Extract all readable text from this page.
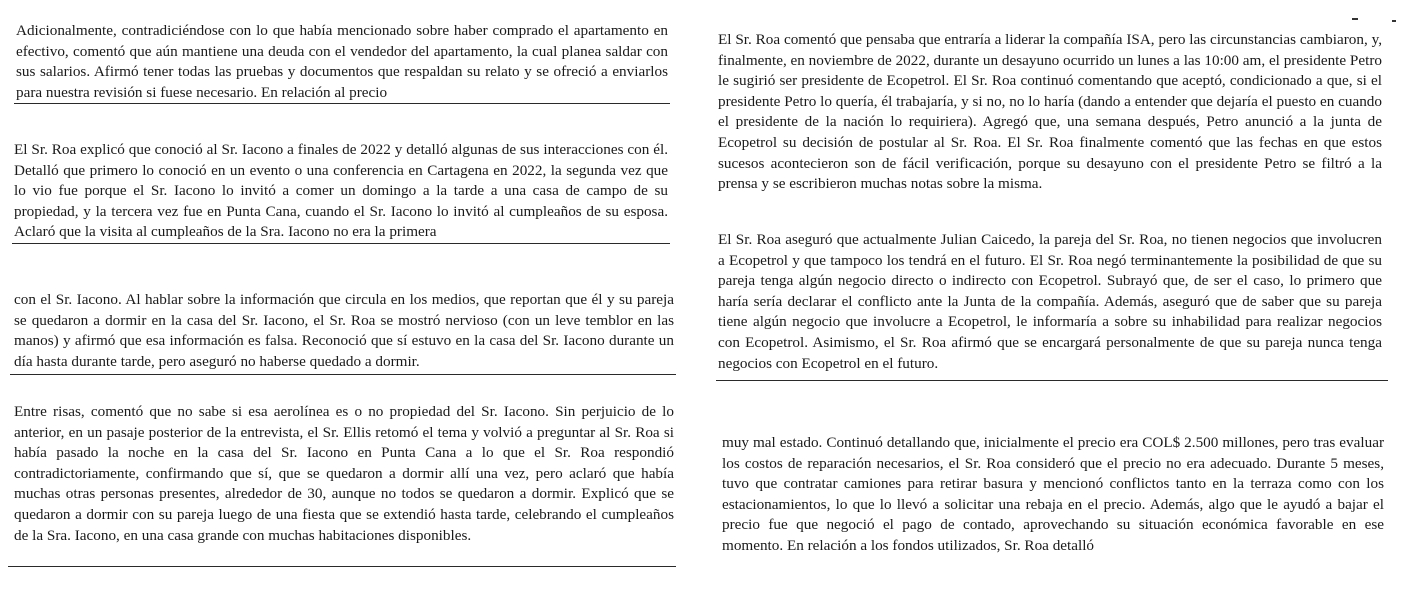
Adicionalmente, contradiciéndose con lo que había mencionado sobre haber comprado el apartamento en efectivo, comentó que aún mantiene una deuda con el vendedor del apartamento, la cual planea saldar con sus salarios. Afirmó tener todas las pruebas y documentos que respaldan su relato y se ofreció a enviarlos para nuestra revisión si fuese necesario. En relación al precio

El Sr. Roa explicó que conoció al Sr. Iacono a finales de 2022 y detalló algunas de sus interacciones con él. Detalló que primero lo conoció en un evento o una conferencia en Cartagena en 2022, la segunda vez que lo vio fue porque el Sr. Iacono lo invitó a comer un domingo a la tarde a una casa de campo de su propiedad, y la tercera vez fue en Punta Cana, cuando el Sr. Iacono lo invitó al cumpleaños de su esposa. Aclaró que la visita al cumpleaños de la Sra. Iacono no era la primera

con el Sr. Iacono. Al hablar sobre la información que circula en los medios, que reportan que él y su pareja se quedaron a dormir en la casa del Sr. Iacono, el Sr. Roa se mostró nervioso (con un leve temblor en las manos) y afirmó que esa información es falsa. Reconoció que sí estuvo en la casa del Sr. Iacono durante un día hasta durante tarde, pero aseguró no haberse quedado a dormir.

Entre risas, comentó que no sabe si esa aerolínea es o no propiedad del Sr. Iacono. Sin perjuicio de lo anterior, en un pasaje posterior de la entrevista, el Sr. Ellis retomó el tema y volvió a preguntar al Sr. Roa si había pasado la noche en la casa del Sr. Iacono en Punta Cana a lo que el Sr. Roa respondió contradictoriamente, confirmando que sí, que se quedaron a dormir allí una vez, pero aclaró que había muchas otras personas presentes, alrededor de 30, aunque no todos se quedaron a dormir. Explicó que se quedaron a dormir con su pareja luego de una fiesta que se extendió hasta tarde, celebrando el cumpleaños de la Sra. Iacono, en una casa grande con muchas habitaciones disponibles.

El Sr. Roa comentó que pensaba que entraría a liderar la compañía ISA, pero las circunstancias cambiaron, y, finalmente, en noviembre de 2022, durante un desayuno ocurrido un lunes a las 10:00 am, el presidente Petro le sugirió ser presidente de Ecopetrol. El Sr. Roa continuó comentando que aceptó, condicionado a que, si el presidente Petro lo quería, él trabajaría, y si no, no lo haría (dando a entender que dejaría el puesto en cuando el presidente de la nación lo requiriera). Agregó que, una semana después, Petro anunció a la junta de Ecopetrol su decisión de postular al Sr. Roa. El Sr. Roa finalmente comentó que las fechas en que estos sucesos acontecieron son de fácil verificación, porque su desayuno con el presidente Petro se filtró a la prensa y se escribieron muchas notas sobre la misma.

El Sr. Roa aseguró que actualmente Julian Caicedo, la pareja del Sr. Roa, no tienen negocios que involucren a Ecopetrol y que tampoco los tendrá en el futuro. El Sr. Roa negó terminantemente la posibilidad de que su pareja tenga algún negocio directo o indirecto con Ecopetrol. Subrayó que, de ser el caso, lo primero que haría sería declarar el conflicto ante la Junta de la compañía. Además, aseguró que de saber que su pareja tiene algún negocio que involucre a Ecopetrol, le informaría a sobre su inhabilidad para realizar negocios con Ecopetrol. Asimismo, el Sr. Roa afirmó que se encargará personalmente de que su pareja nunca tenga negocios con Ecopetrol en el futuro.

muy mal estado. Continuó detallando que, inicialmente el precio era COL$ 2.500 millones, pero tras evaluar los costos de reparación necesarios, el Sr. Roa consideró que el precio no era adecuado. Durante 5 meses, tuvo que contratar camiones para retirar basura y mencionó conflictos tanto en la terraza como con los estacionamientos, lo que lo llevó a solicitar una rebaja en el precio. Además, algo que le ayudó a bajar el precio fue que negoció el pago de contado, aprovechando su situación económica favorable en ese momento. En relación a los fondos utilizados, Sr. Roa detalló
